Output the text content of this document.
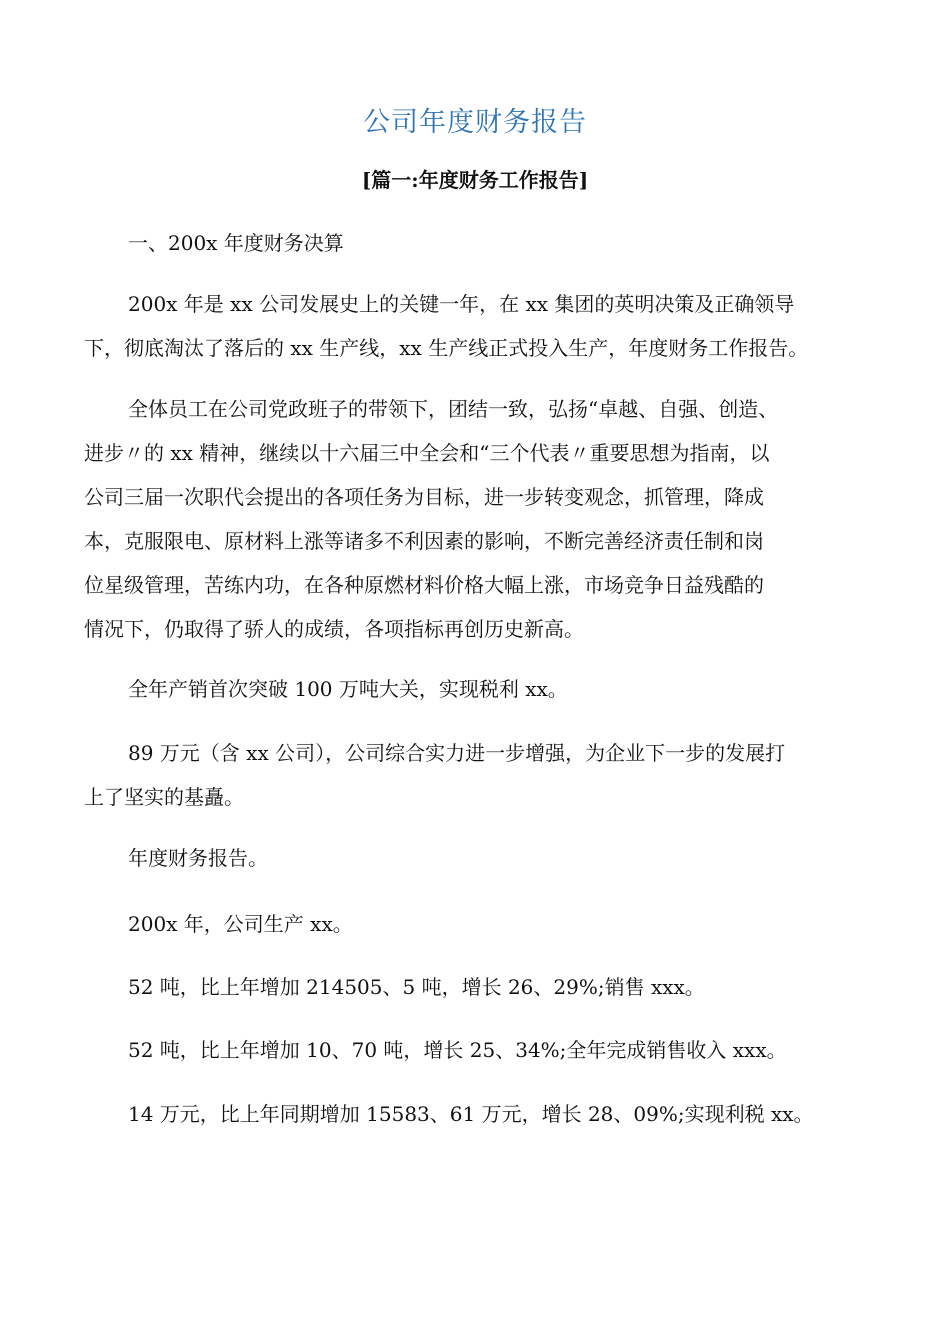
公司年度财务报告
[篇一:年度财务工作报告]
一、200x 年度财务决算
200x 年是 xx 公司发展史上的关键一年，在 xx 集团的英明决策及正确领导
下，彻底淘汰了落后的 xx 生产线，xx 生产线正式投入生产，年度财务工作报告。
全体员工在公司党政班子的带领下，团结一致，弘扬“卓越、自强、创造、
进步〃的 xx 精神，继续以十六届三中全会和“三个代表〃重要思想为指南，以
公司三届一次职代会提出的各项任务为目标，进一步转变观念，抓管理，降成
本，克服限电、原材料上涨等诸多不利因素的影响，不断完善经济责任制和岗
位星级管理，苦练内功，在各种原燃材料价格大幅上涨，市场竞争日益残酷的
情况下，仍取得了骄人的成绩，各项指标再创历史新高。
全年产销首次突破 100 万吨大关，实现税利 xx。
89 万元（含 xx 公司），公司综合实力进一步增强，为企业下一步的发展打
上了坚实的基矗。
年度财务报告。
200x 年，公司生产 xx。
52 吨，比上年增加 214505、5 吨，增长 26、29%;销售 xxx。
52 吨，比上年增加 10、70 吨，增长 25、34%;全年完成销售收入 xxx。
14 万元，比上年同期增加 15583、61 万元，增长 28、09%;实现利税 xx。
